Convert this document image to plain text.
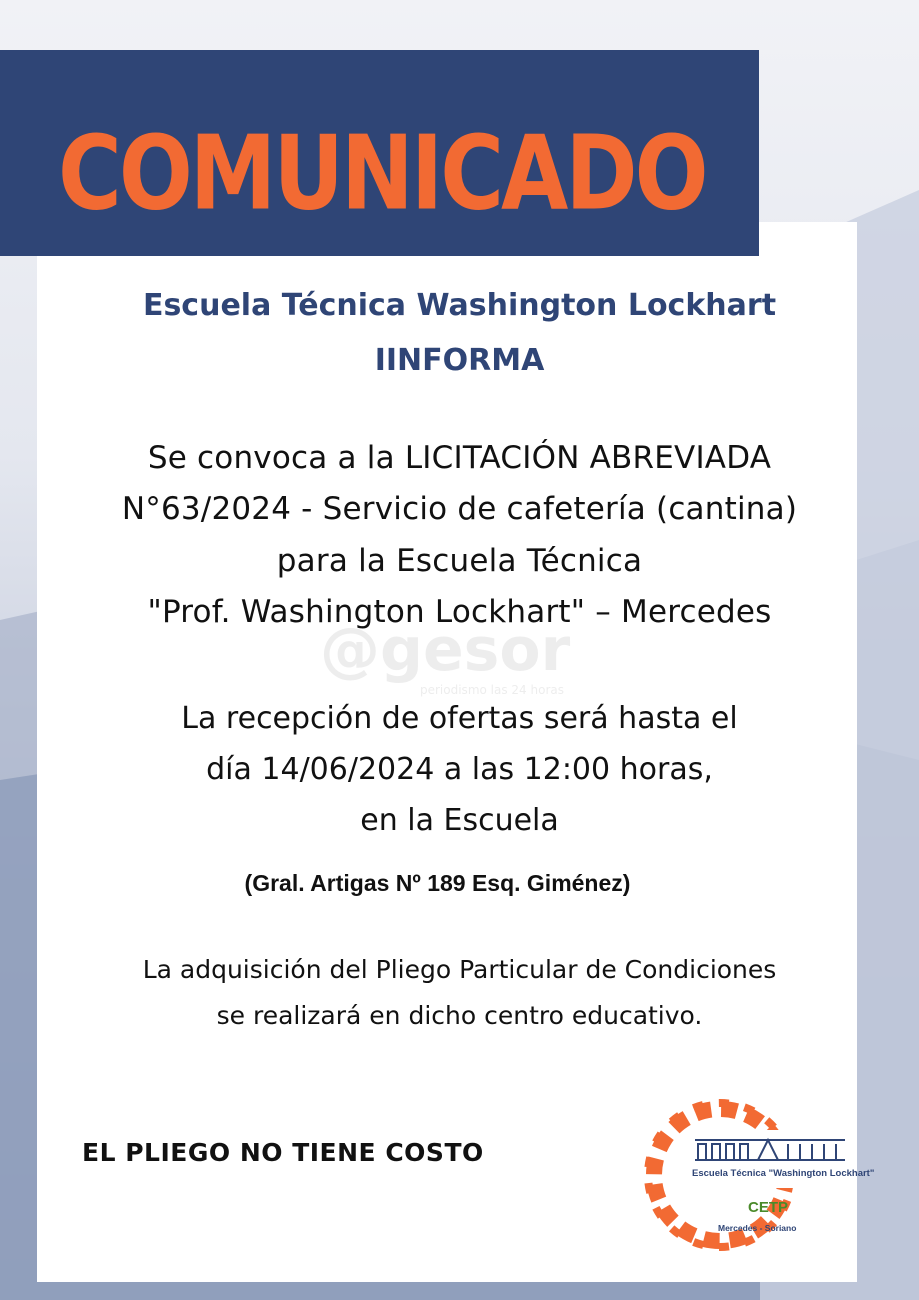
COMUNICADO
@gesor
periodismo las 24 horas
Escuela Técnica Washington Lockhart
IINFORMA
Se convoca a la LICITACIÓN ABREVIADA
N°63/2024 - Servicio de cafetería (cantina)
para la Escuela Técnica
"Prof. Washington Lockhart" – Mercedes
La recepción de ofertas será hasta el
día 14/06/2024 a las 12:00 horas,
en la Escuela
(Gral. Artigas Nº 189 Esq. Giménez)
La adquisición del Pliego Particular de Condiciones
se realizará en dicho centro educativo.
EL PLIEGO NO TIENE COSTO
CETP
Escuela Técnica "Washington Lockhart"
Mercedes - Soriano
